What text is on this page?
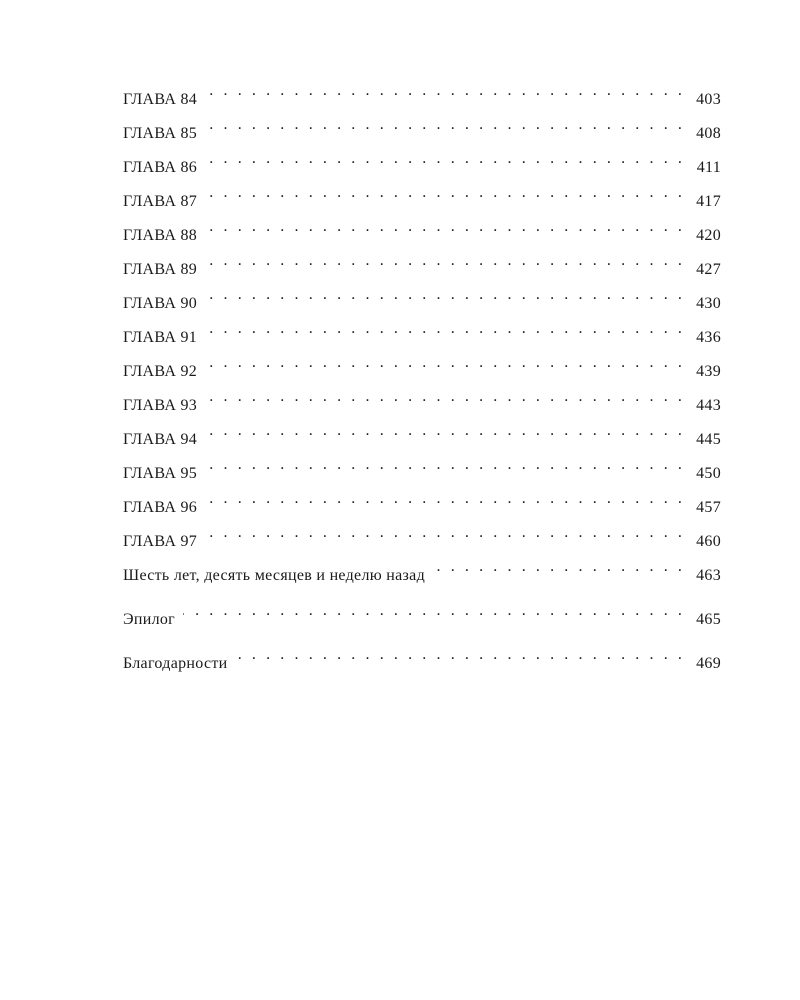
ГЛАВА 84 . . .	403
ГЛАВА 85 . . .	408
ГЛАВА 86 . . .	411
ГЛАВА 87 . . .	417
ГЛАВА 88 . . .	420
ГЛАВА 89 . . .	427
ГЛАВА 90 . . .	430
ГЛАВА 91 . . .	436
ГЛАВА 92 . . .	439
ГЛАВА 93 . . .	443
ГЛАВА 94 . . .	445
ГЛАВА 95 . . .	450
ГЛАВА 96 . . .	457
ГЛАВА 97 . . .	460
Шесть лет, десять месяцев и неделю назад . . .	463
Эпилог . . .	465
Благодарности . . .	469
